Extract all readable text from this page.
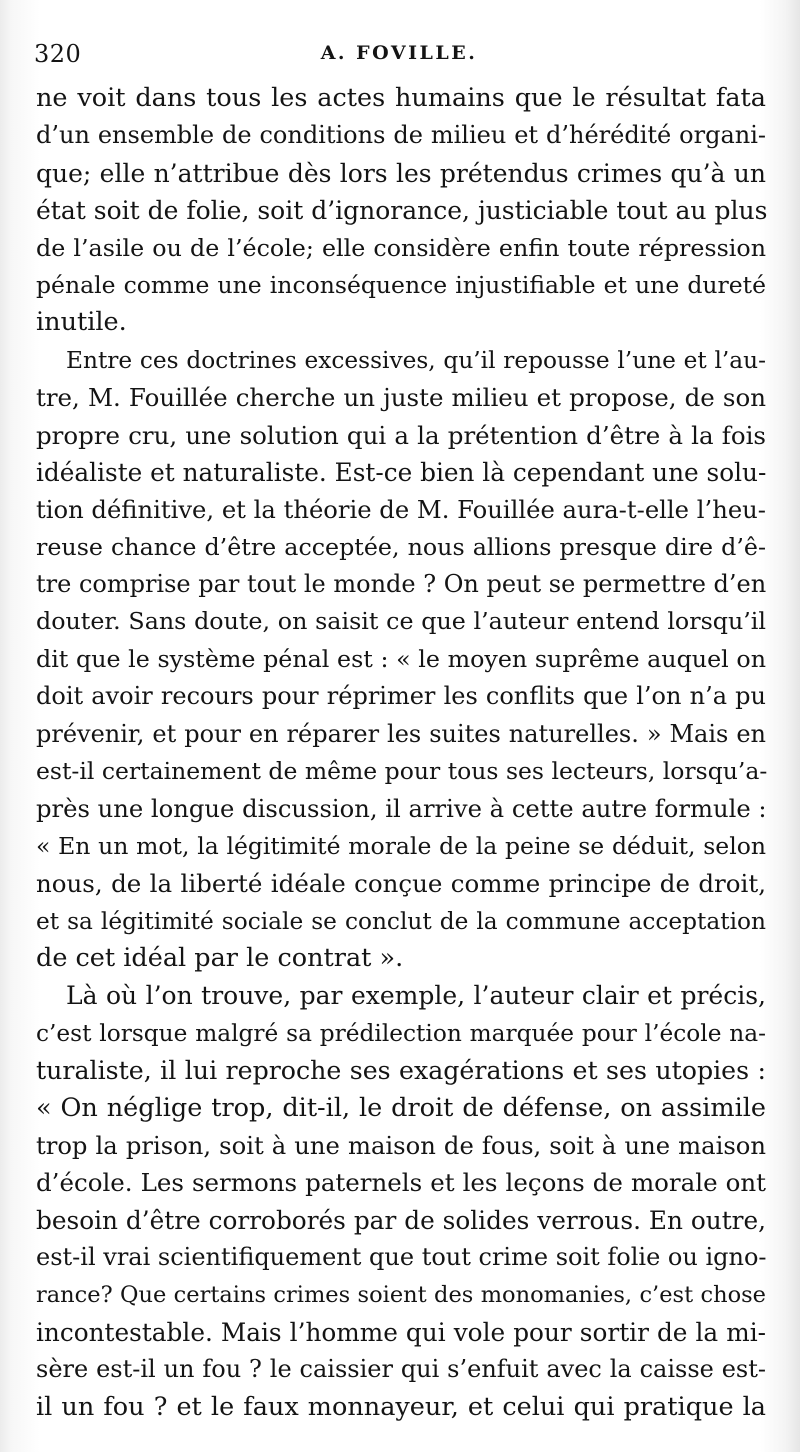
320	A. FOVILLE.
ne voit dans tous les actes humains que le résultat fata
d’un ensemble de conditions de milieu et d’hérédité organi-
que; elle n’attribue dès lors les prétendus crimes qu’à un
état soit de folie, soit d’ignorance, justiciable tout au plus
de l’asile ou de l’école; elle considère enfin toute répression
pénale comme une inconséquence injustifiable et une dureté
inutile.
Entre ces doctrines excessives, qu’il repousse l’une et l’au-
tre, M. Fouillée cherche un juste milieu et propose, de son
propre cru, une solution qui a la prétention d’être à la fois
idéaliste et naturaliste. Est-ce bien là cependant une solu-
tion définitive, et la théorie de M. Fouillée aura-t-elle l’heu-
reuse chance d’être acceptée, nous allions presque dire d’ê-
tre comprise par tout le monde ? On peut se permettre d’en
douter. Sans doute, on saisit ce que l’auteur entend lorsqu’il
dit que le système pénal est : « le moyen suprême auquel on
doit avoir recours pour réprimer les conflits que l’on n’a pu
prévenir, et pour en réparer les suites naturelles. » Mais en
est-il certainement de même pour tous ses lecteurs, lorsqu’a-
près une longue discussion, il arrive à cette autre formule :
« En un mot, la légitimité morale de la peine se déduit, selon
nous, de la liberté idéale conçue comme principe de droit,
et sa légitimité sociale se conclut de la commune acceptation
de cet idéal par le contrat ».
Là où l’on trouve, par exemple, l’auteur clair et précis,
c’est lorsque malgré sa prédilection marquée pour l’école na-
turaliste, il lui reproche ses exagérations et ses utopies :
« On néglige trop, dit-il, le droit de défense, on assimile
trop la prison, soit à une maison de fous, soit à une maison
d’école. Les sermons paternels et les leçons de morale ont
besoin d’être corroborés par de solides verrous. En outre,
est-il vrai scientifiquement que tout crime soit folie ou igno-
rance? Que certains crimes soient des monomanies, c’est chose
incontestable. Mais l’homme qui vole pour sortir de la mi-
sère est-il un fou ? le caissier qui s’enfuit avec la caisse est-
il un fou ? et le faux monnayeur, et celui qui pratique la
